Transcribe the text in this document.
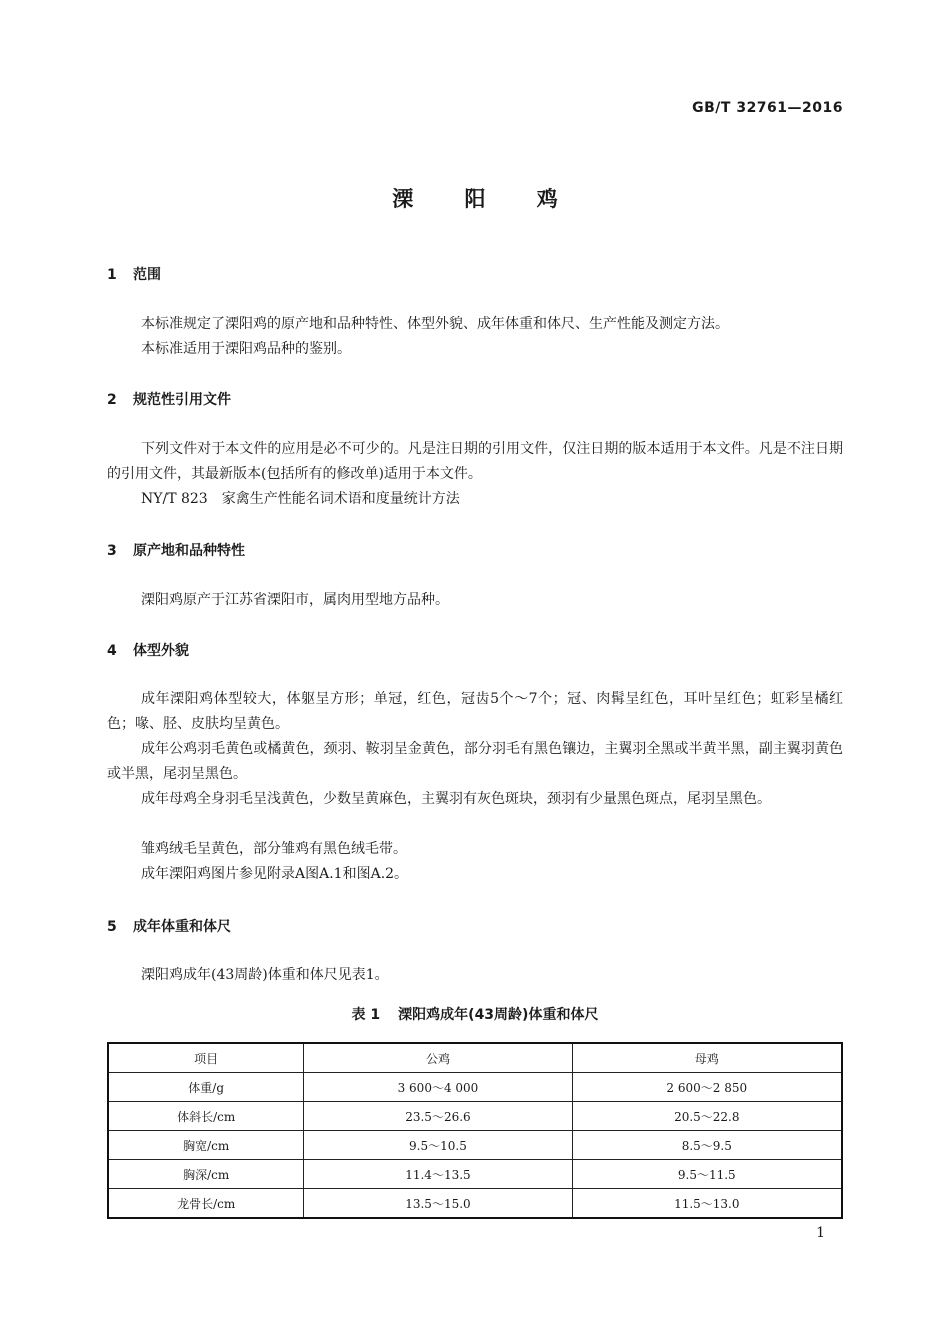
GB/T 32761—2016
溧 阳 鸡
1 范围
本标准规定了溧阳鸡的原产地和品种特性、体型外貌、成年体重和体尺、生产性能及测定方法。
本标准适用于溧阳鸡品种的鉴别。
2 规范性引用文件
下列文件对于本文件的应用是必不可少的。凡是注日期的引用文件，仅注日期的版本适用于本文件。凡是不注日期的引用文件，其最新版本(包括所有的修改单)适用于本文件。
NY/T 823　家禽生产性能名词术语和度量统计方法
3 原产地和品种特性
溧阳鸡原产于江苏省溧阳市，属肉用型地方品种。
4 体型外貌
成年溧阳鸡体型较大，体躯呈方形；单冠，红色，冠齿5个～7个；冠、肉髯呈红色，耳叶呈红色；虹彩呈橘红色；喙、胫、皮肤均呈黄色。
成年公鸡羽毛黄色或橘黄色，颈羽、鞍羽呈金黄色，部分羽毛有黑色镶边，主翼羽全黑或半黄半黑，副主翼羽黄色或半黑，尾羽呈黑色。
成年母鸡全身羽毛呈浅黄色，少数呈黄麻色，主翼羽有灰色斑块，颈羽有少量黑色斑点，尾羽呈黑色。
雏鸡绒毛呈黄色，部分雏鸡有黑色绒毛带。
成年溧阳鸡图片参见附录A图A.1和图A.2。
5 成年体重和体尺
溧阳鸡成年(43周龄)体重和体尺见表1。
表 1 溧阳鸡成年(43周龄)体重和体尺
项目	公鸡	母鸡
体重/g	3 600～4 000	2 600～2 850
体斜长/cm	23.5～26.6	20.5～22.8
胸宽/cm	9.5～10.5	8.5～9.5
胸深/cm	11.4～13.5	9.5～11.5
龙骨长/cm	13.5～15.0	11.5～13.0
1
